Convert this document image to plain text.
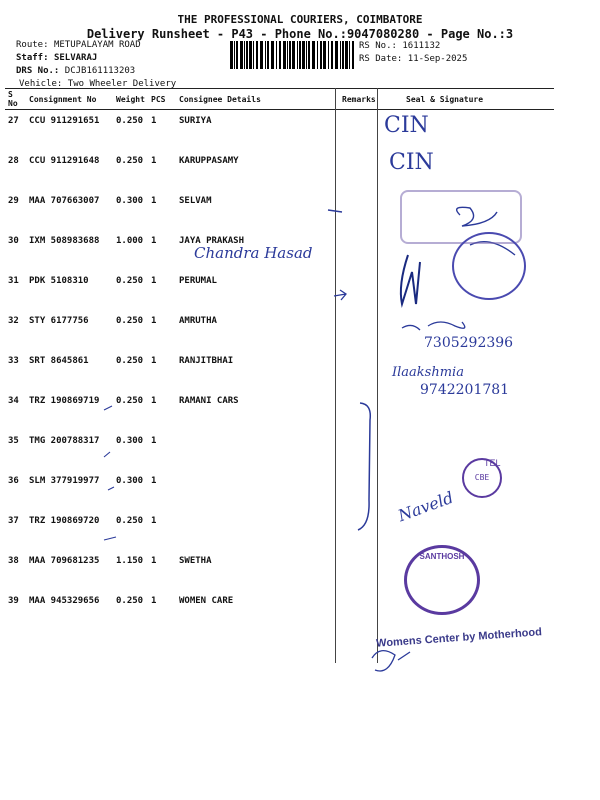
THE PROFESSIONAL COURIERS, COIMBATORE
Delivery Runsheet - P43 - Phone No.:9047080280 - Page No.:3
Route: METUPALAYAM ROAD
Staff: SELVARAJ
DRS No.: DCJB161113203
Vehicle: Two Wheeler Delivery
RS No.: 1611132
RS Date: 11-Sep-2025
S No	Consignment No	Weight	PCS	Consignee Details	Remarks	Seal & Signature
27	CCU 911291651	0.250	1	SURIYA		
28	CCU 911291648	0.250	1	KARUPPASAMY		
29	MAA 707663007	0.300	1	SELVAM		
30	IXM 508983688	1.000	1	JAYA PRAKASH		
31	PDK 5108310	0.250	1	PERUMAL		
32	STY 6177756	0.250	1	AMRUTHA		
33	SRT 8645861	0.250	1	RANJITBHAI		
34	TRZ 190869719	0.250	1	RAMANI CARS		
35	TMG 200788317	0.300	1			
36	SLM 377919977	0.300	1			
37	TRZ 190869720	0.250	1			
38	MAA 709681235	1.150	1	SWETHA		
39	MAA 945329656	0.250	1	WOMEN CARE		
CIN
CIN
Chandra Hasad
7305292396
Ilaakshmia
9742201781
Naveld
CBE
TEL
SANTHOSH
Womens Center by Motherhood
